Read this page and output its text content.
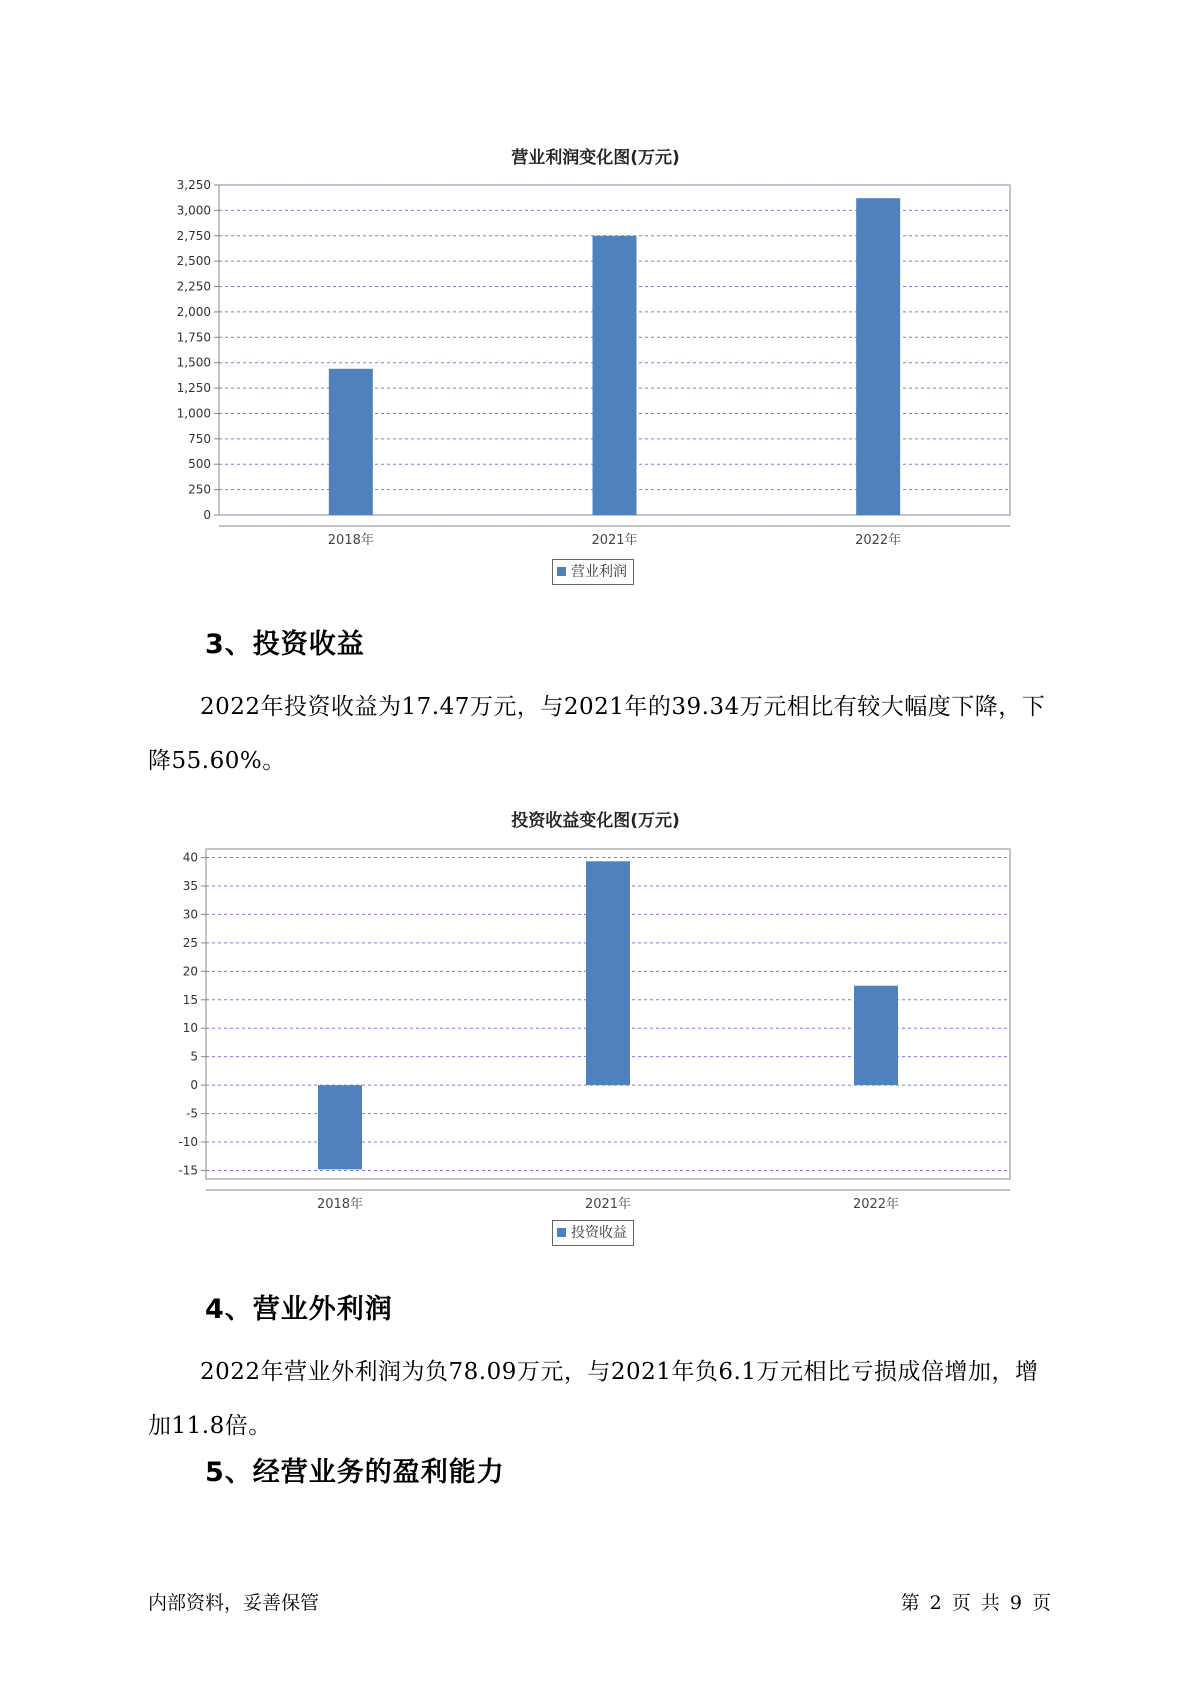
营业利润变化图(万元)
0
250
500
750
1,000
1,250
1,500
1,750
2,000
2,250
2,500
2,750
3,000
3,250
2018年	2021年	2022年
营业利润
3、投资收益
2022年投资收益为17.47万元，与2021年的39.34万元相比有较大幅度下降，下降55.60%。
投资收益变化图(万元)
-15
-10
-5
0
5
10
15
20
25
30
35
40
2018年	2021年	2022年
投资收益
4、营业外利润
2022年营业外利润为负78.09万元，与2021年负6.1万元相比亏损成倍增加，增加11.8倍。
5、经营业务的盈利能力
内部资料，妥善保管	第 2 页 共 9 页
